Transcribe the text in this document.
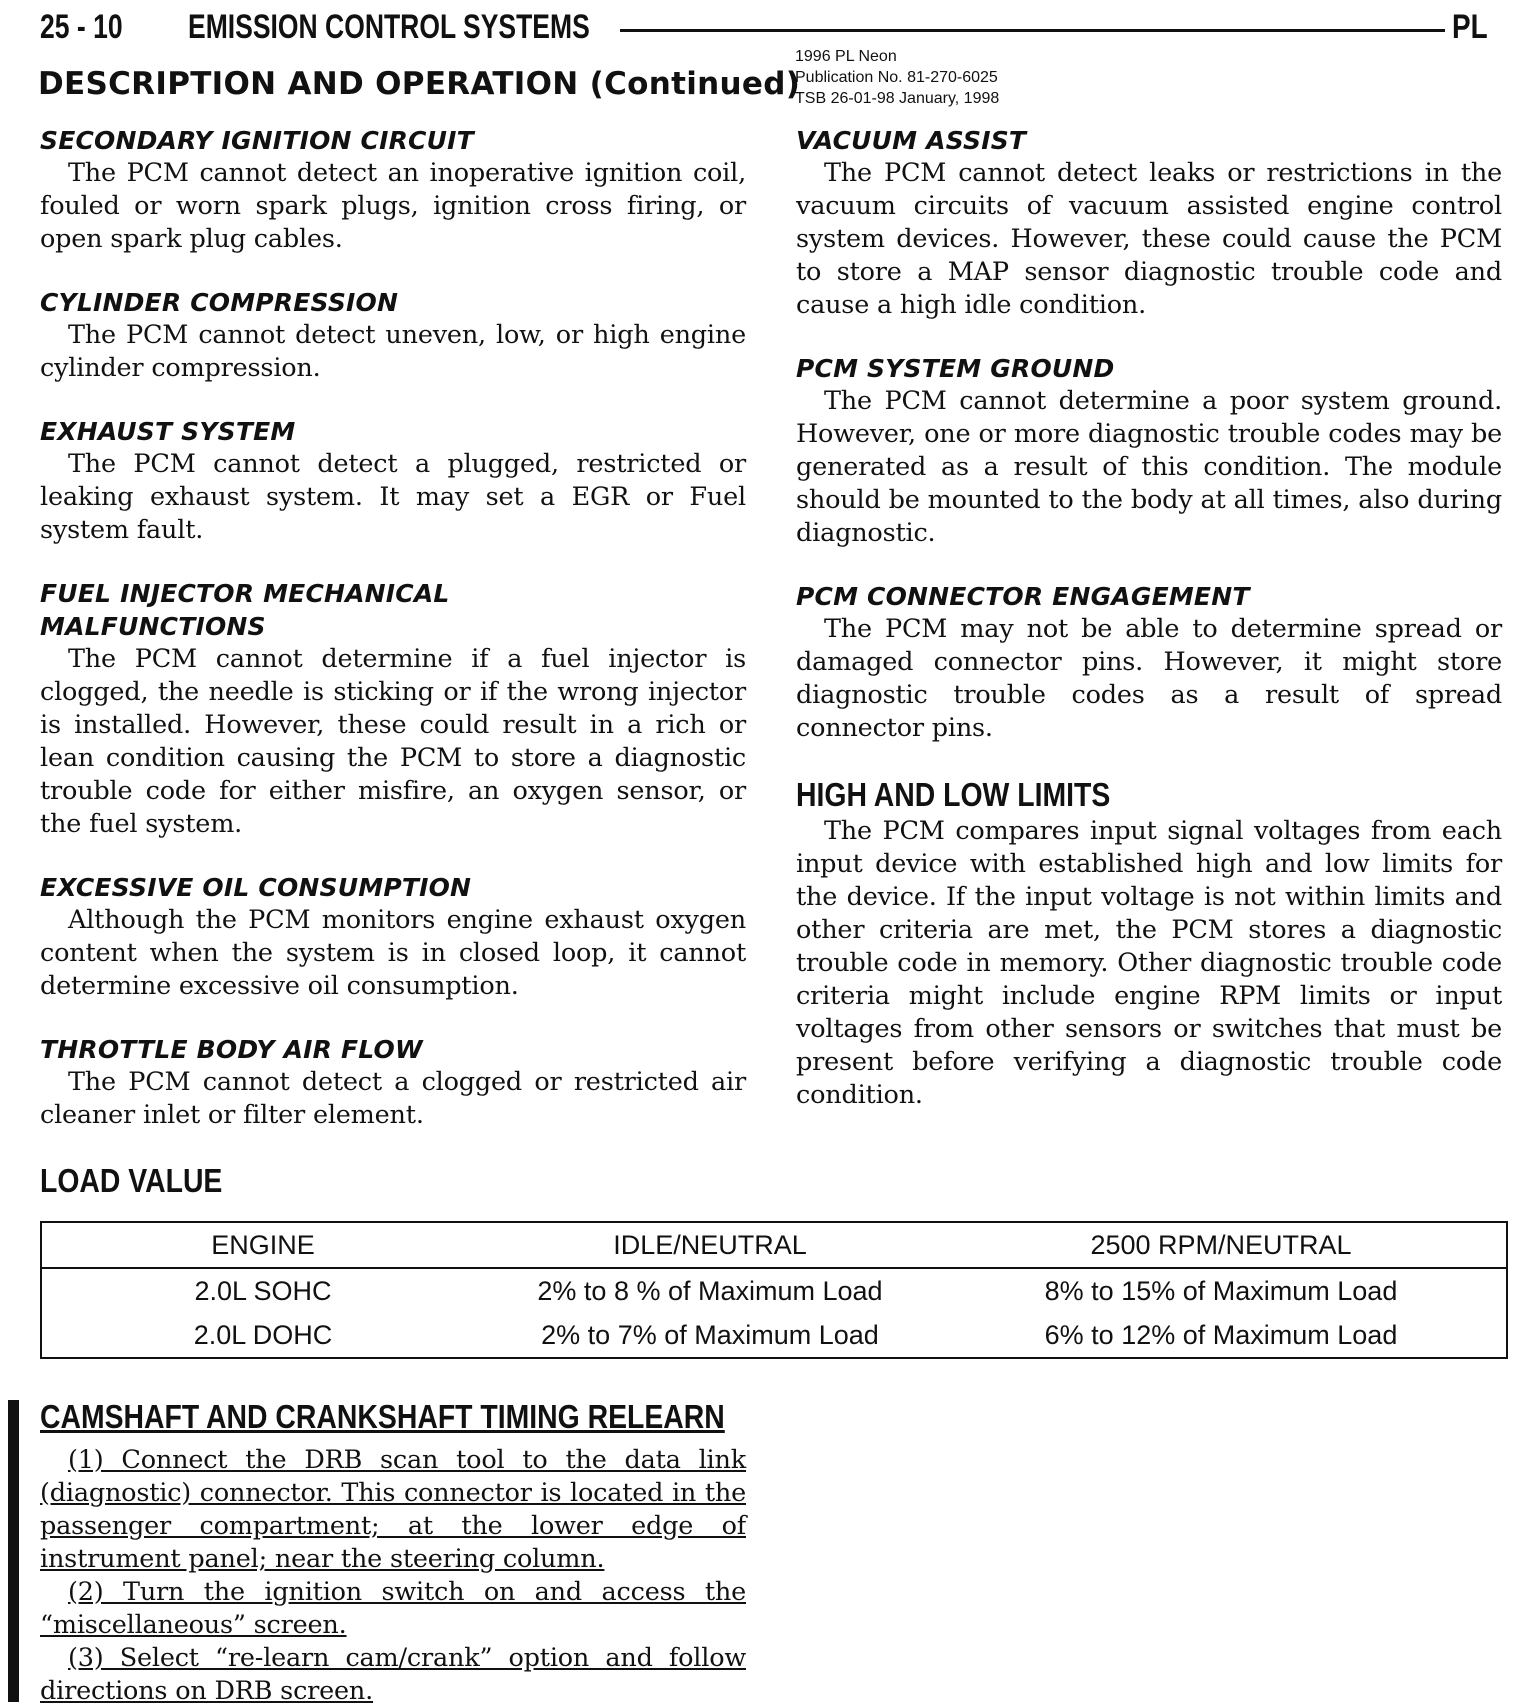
25 - 10 EMISSION CONTROL SYSTEMS	PL
DESCRIPTION AND OPERATION (Continued)
1996 PL Neon
Publication No. 81-270-6025
TSB 26-01-98 January, 1998
SECONDARY IGNITION CIRCUIT

The PCM cannot detect an inoperative ignition coil, fouled or worn spark plugs, ignition cross firing, or open spark plug cables.

CYLINDER COMPRESSION

The PCM cannot detect uneven, low, or high engine cylinder compression.

EXHAUST SYSTEM

The PCM cannot detect a plugged, restricted or leaking exhaust system. It may set a EGR or Fuel system fault.

FUEL INJECTOR MECHANICAL MALFUNCTIONS

The PCM cannot determine if a fuel injector is clogged, the needle is sticking or if the wrong injector is installed. However, these could result in a rich or lean condition causing the PCM to store a diagnostic trouble code for either misfire, an oxygen sensor, or the fuel system.

EXCESSIVE OIL CONSUMPTION

Although the PCM monitors engine exhaust oxygen content when the system is in closed loop, it cannot determine excessive oil consumption.

THROTTLE BODY AIR FLOW

The PCM cannot detect a clogged or restricted air cleaner inlet or filter element.

VACUUM ASSIST

The PCM cannot detect leaks or restrictions in the vacuum circuits of vacuum assisted engine control system devices. However, these could cause the PCM to store a MAP sensor diagnostic trouble code and cause a high idle condition.

PCM SYSTEM GROUND

The PCM cannot determine a poor system ground. However, one or more diagnostic trouble codes may be generated as a result of this condition. The module should be mounted to the body at all times, also during diagnostic.

PCM CONNECTOR ENGAGEMENT

The PCM may not be able to determine spread or damaged connector pins. However, it might store diagnostic trouble codes as a result of spread connector pins.

HIGH AND LOW LIMITS

The PCM compares input signal voltages from each input device with established high and low limits for the device. If the input voltage is not within limits and other criteria are met, the PCM stores a diagnostic trouble code in memory. Other diagnostic trouble code criteria might include engine RPM limits or input voltages from other sensors or switches that must be present before verifying a diagnostic trouble code condition.

LOAD VALUE
ENGINE	IDLE/NEUTRAL	2500 RPM/NEUTRAL
2.0L SOHC	2% to 8 % of Maximum Load	8% to 15% of Maximum Load
2.0L DOHC	2% to 7% of Maximum Load	6% to 12% of Maximum Load
CAMSHAFT AND CRANKSHAFT TIMING RELEARN

(1) Connect the DRB scan tool to the data link (diagnostic) connector. This connector is located in the passenger compartment; at the lower edge of instrument panel; near the steering column.

(2) Turn the ignition switch on and access the “miscellaneous” screen.

(3) Select “re-learn cam/crank” option and follow directions on DRB screen.
